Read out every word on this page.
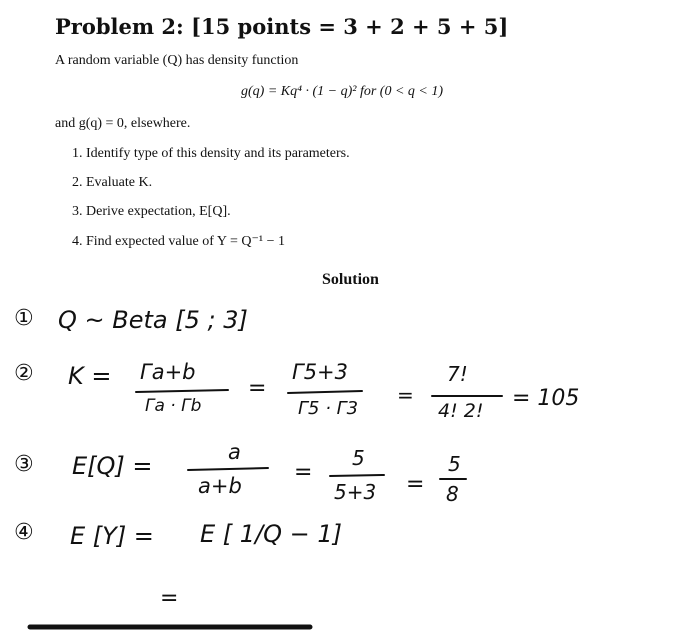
Problem 2: [15 points = 3 + 2 + 5 + 5]
A random variable (Q) has density function
g(q) = Kq⁴ · (1 − q)² for (0 < q < 1)
and g(q) = 0, elsewhere.
1. Identify type of this density and its parameters.
2. Evaluate K.
3. Derive expectation, E[Q].
4. Find expected value of Y = Q⁻¹ − 1
Solution
① Q ~ Beta [5 ; 3]
② K = Γa+b
Γa · Γb
=
Γ5+3
Γ5 · Γ3
=
7!
4! 2! = 105
③ E[Q] =	a
a+b
=
5
5+3 =
5
8
④ E [Y] = E [ 1/Q − 1]
=
